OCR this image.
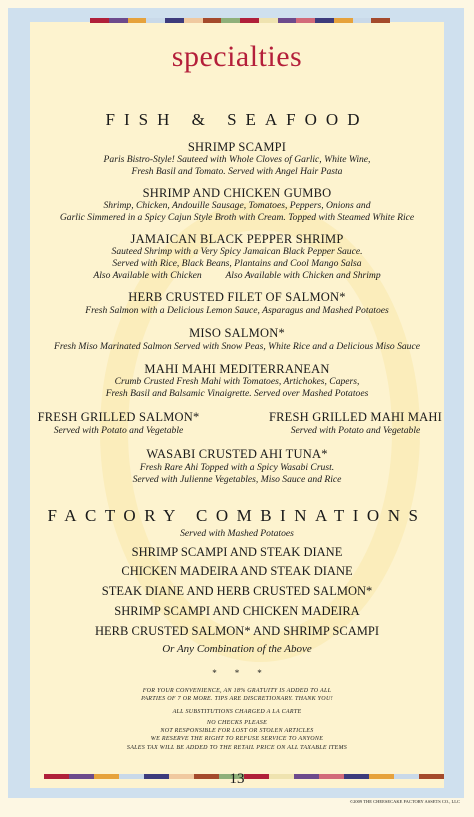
specialties
FISH & SEAFOOD
SHRIMP SCAMPI
Paris Bistro-Style! Sauteed with Whole Cloves of Garlic, White Wine,
Fresh Basil and Tomato. Served with Angel Hair Pasta
SHRIMP AND CHICKEN GUMBO
Shrimp, Chicken, Andouille Sausage, Tomatoes, Peppers, Onions and
Garlic Simmered in a Spicy Cajun Style Broth with Cream. Topped with Steamed White Rice
JAMAICAN BLACK PEPPER SHRIMP
Sauteed Shrimp with a Very Spicy Jamaican Black Pepper Sauce.
Served with Rice, Black Beans, Plantains and Cool Mango Salsa
Also Available with Chicken          Also Available with Chicken and Shrimp
HERB CRUSTED FILET OF SALMON*
Fresh Salmon with a Delicious Lemon Sauce, Asparagus and Mashed Potatoes
MISO SALMON*
Fresh Miso Marinated Salmon Served with Snow Peas, White Rice and a Delicious Miso Sauce
MAHI MAHI MEDITERRANEAN
Crumb Crusted Fresh Mahi with Tomatoes, Artichokes, Capers,
Fresh Basil and Balsamic Vinaigrette. Served over Mashed Potatoes
FRESH GRILLED SALMON*
Served with Potato and Vegetable
FRESH GRILLED MAHI MAHI
Served with Potato and Vegetable
WASABI CRUSTED AHI TUNA*
Fresh Rare Ahi Topped with a Spicy Wasabi Crust.
Served with Julienne Vegetables, Miso Sauce and Rice
FACTORY COMBINATIONS
Served with Mashed Potatoes
SHRIMP SCAMPI AND STEAK DIANE
CHICKEN MADEIRA AND STEAK DIANE
STEAK DIANE AND HERB CRUSTED SALMON*
SHRIMP SCAMPI AND CHICKEN MADEIRA
HERB CRUSTED SALMON* AND SHRIMP SCAMPI
Or Any Combination of the Above
*        *        *
FOR YOUR CONVENIENCE, AN 18% GRATUITY IS ADDED TO ALL
PARTIES OF 7 OR MORE. TIPS ARE DISCRETIONARY. THANK YOU!
ALL SUBSTITUTIONS CHARGED A LA CARTE
NO CHECKS PLEASE
NOT RESPONSIBLE FOR LOST OR STOLEN ARTICLES
WE RESERVE THE RIGHT TO REFUSE SERVICE TO ANYONE
SALES TAX WILL BE ADDED TO THE RETAIL PRICE ON ALL TAXABLE ITEMS
13
©2009 THE CHEESECAKE FACTORY ASSETS CO., LLC
